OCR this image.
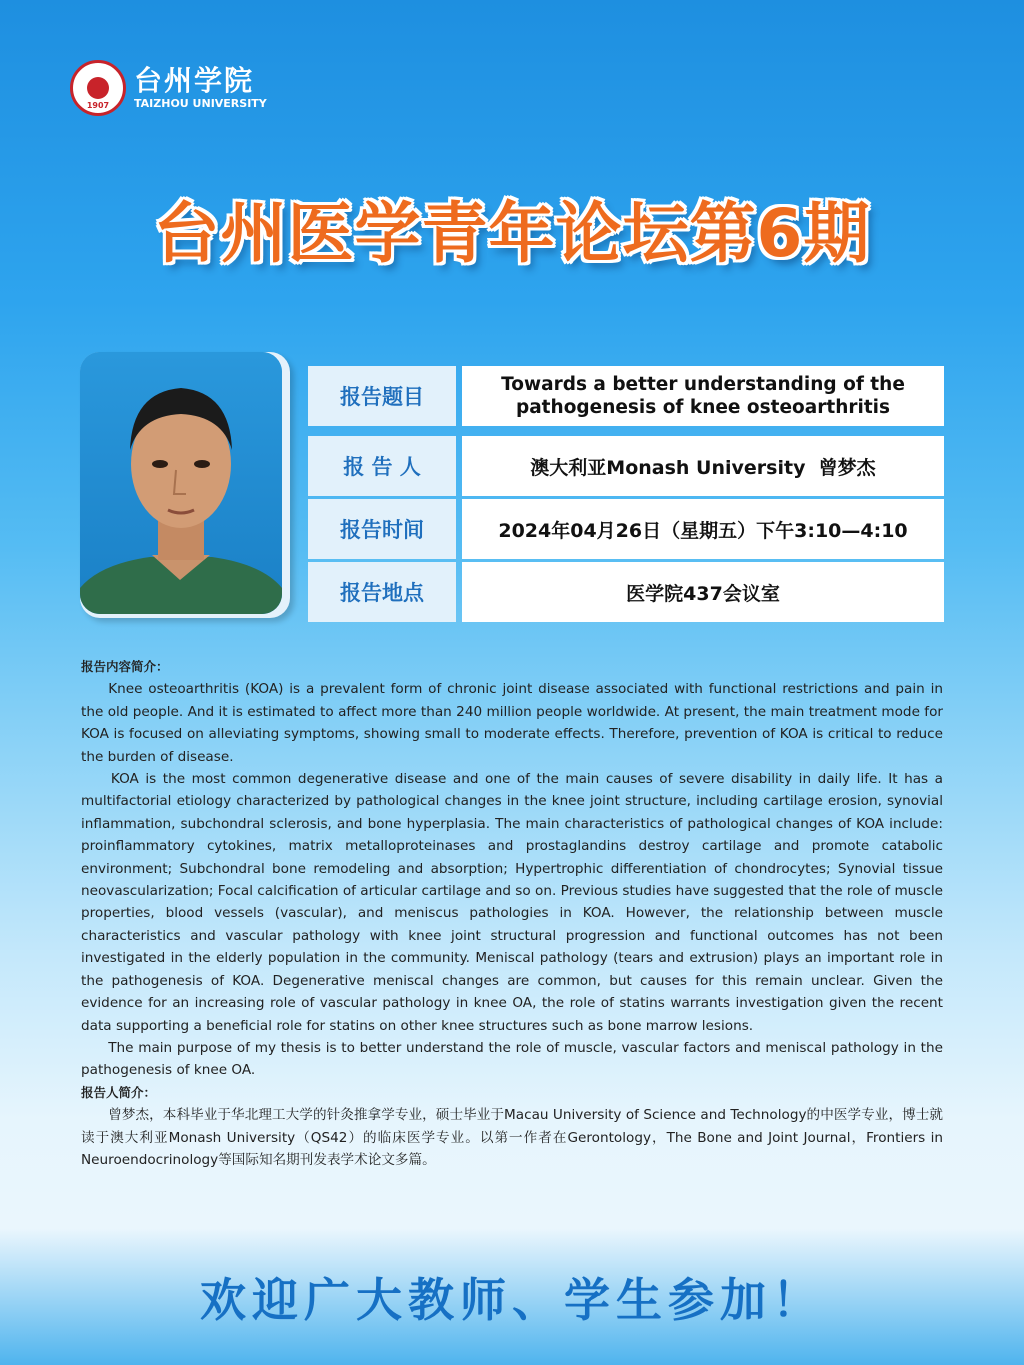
1907
台州学院
TAIZHOU UNIVERSITY
台州医学青年论坛第6期
报告题目
Towards a better understanding of the
pathogenesis of knee osteoarthritis
报 告 人	澳大利亚Monash University  曾梦杰
报告时间	2024年04月26日（星期五）下午3:10—4:10
报告地点	医学院437会议室
报告内容简介：

Knee osteoarthritis (KOA) is a prevalent form of chronic joint disease associated with functional restrictions and pain in the old people. And it is estimated to affect more than 240 million people worldwide. At present, the main treatment mode for KOA is focused on alleviating symptoms, showing small to moderate effects. Therefore, prevention of KOA is critical to reduce the burden of disease.

KOA is the most common degenerative disease and one of the main causes of severe disability in daily life. It has a multifactorial etiology characterized by pathological changes in the knee joint structure, including cartilage erosion, synovial inflammation, subchondral sclerosis, and bone hyperplasia. The main characteristics of pathological changes of KOA include: proinflammatory cytokines, matrix metalloproteinases and prostaglandins destroy cartilage and promote catabolic environment; Subchondral bone remodeling and absorption; Hypertrophic differentiation of chondrocytes; Synovial tissue neovascularization; Focal calcification of articular cartilage and so on. Previous studies have suggested that the role of muscle properties, blood vessels (vascular), and meniscus pathologies in KOA. However, the relationship between muscle characteristics and vascular pathology with knee joint structural progression and functional outcomes has not been investigated in the elderly population in the community. Meniscal pathology (tears and extrusion) plays an important role in the pathogenesis of KOA. Degenerative meniscal changes are common, but causes for this remain unclear. Given the evidence for an increasing role of vascular pathology in knee OA, the role of statins warrants investigation given the recent data supporting a beneficial role for statins on other knee structures such as bone marrow lesions.

The main purpose of my thesis is to better understand the role of muscle, vascular factors and meniscal pathology in the pathogenesis of knee OA.

报告人简介：

曾梦杰，本科毕业于华北理工大学的针灸推拿学专业，硕士毕业于Macau University of Science and Technology的中医学专业，博士就读于澳大利亚Monash University（QS42）的临床医学专业。以第一作者在Gerontology，The Bone and Joint Journal，Frontiers in Neuroendocrinology等国际知名期刊发表学术论文多篇。

欢迎广大教师、学生参加！
